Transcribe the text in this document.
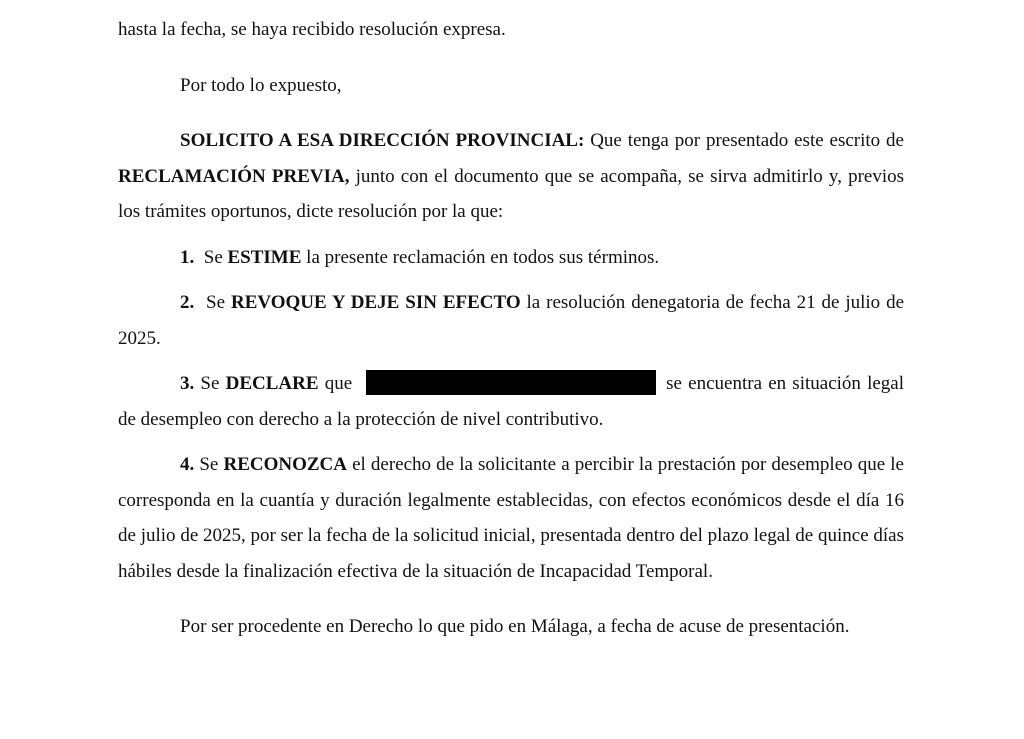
hasta la fecha, se haya recibido resolución expresa.

Por todo lo expuesto,

SOLICITO A ESA DIRECCIÓN PROVINCIAL: Que tenga por presentado este escrito de RECLAMACIÓN PREVIA, junto con el documento que se acompaña, se sirva admitirlo y, previos los trámites oportunos, dicte resolución por la que:

1.  Se ESTIME la presente reclamación en todos sus términos.

2.  Se REVOQUE Y DEJE SIN EFECTO la resolución denegatoria de fecha 21 de julio de 2025.

3. Se DECLARE que	se encuentra en situación legal de desempleo con derecho a la protección de nivel contributivo.

4. Se RECONOZCA el derecho de la solicitante a percibir la prestación por desempleo que le corresponda en la cuantía y duración legalmente establecidas, con efectos económicos desde el día 16 de julio de 2025, por ser la fecha de la solicitud inicial, presentada dentro del plazo legal de quince días hábiles desde la finalización efectiva de la situación de Incapacidad Temporal.

Por ser procedente en Derecho lo que pido en Málaga, a fecha de acuse de presentación.
